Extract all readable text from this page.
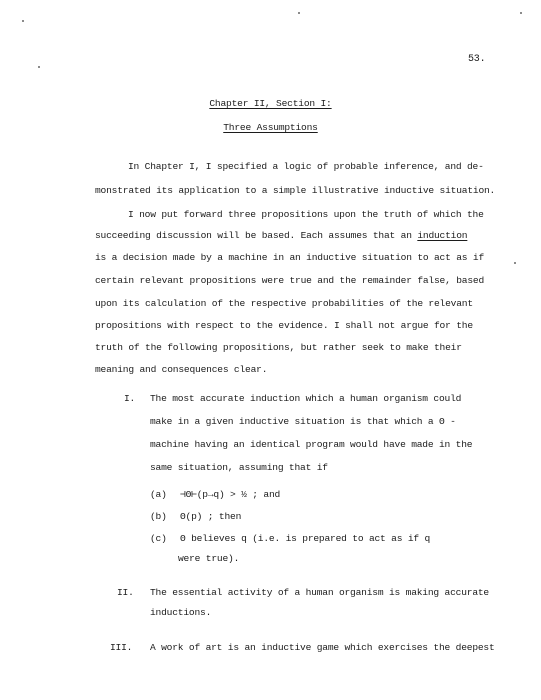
53.
Chapter II, Section I:
Three Assumptions
In Chapter I, I specified a logic of probable inference, and de-
monstrated its application to a simple illustrative inductive situation.
I now put forward three propositions upon the truth of which the
succeeding discussion will be based. Each assumes that an induction
is a decision made by a machine in an inductive situation to act as if
certain relevant propositions were true and the remainder false, based
upon its calculation of the respective probabilities of the relevant
propositions with respect to the evidence. I shall not argue for the
truth of the following propositions, but rather seek to make their
meaning and consequences clear.
I. The most accurate induction which a human organism could
make in a given inductive situation is that which a Θ -
machine having an identical program would have made in the
same situation, assuming that if
(a) ⊣Θ⊢(p→q) > ½ ; and
(b) Θ(p) ; then
(c) Θ believes q (i.e. is prepared to act as if q
were true).
II. The essential activity of a human organism is making accurate
inductions.
III. A work of art is an inductive game which exercises the deepest
